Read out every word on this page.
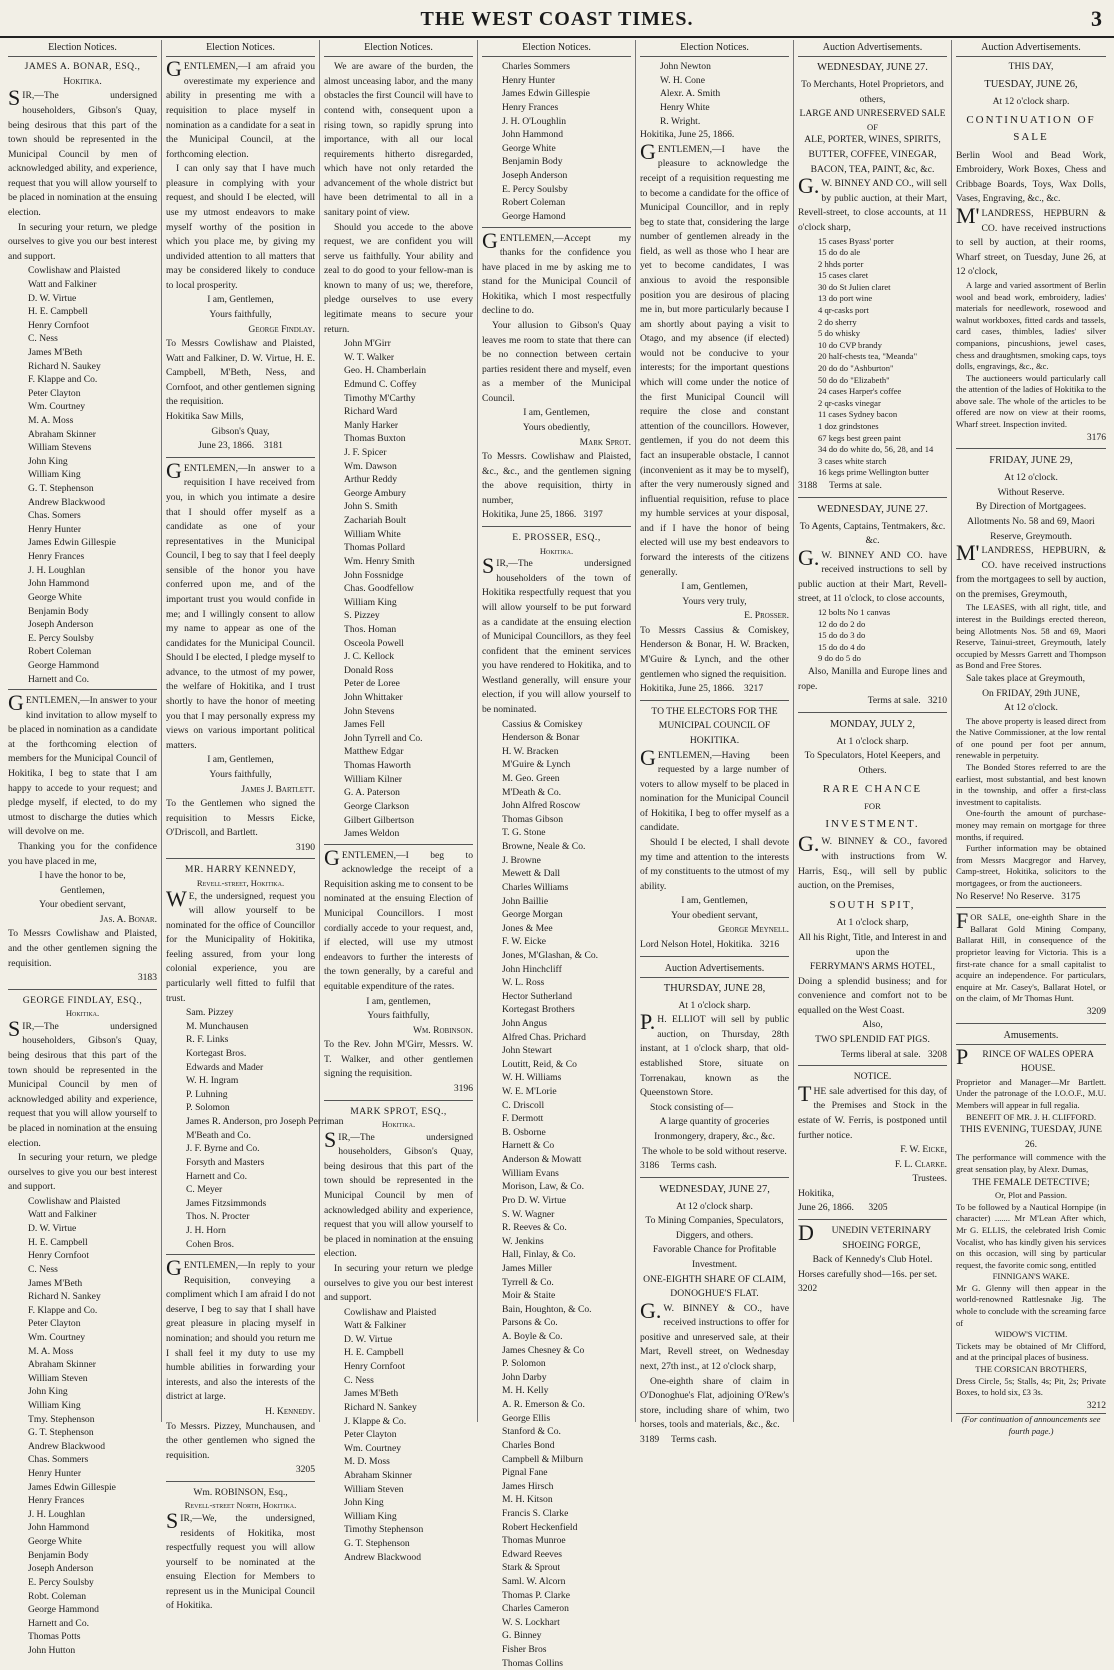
THE WEST COAST TIMES.	3
Election Notices.
JAMES A. BONAR, ESQ.,
Hokitika.

SIR,—The undersigned householders, Gibson's Quay, being desirous that this part of the town should be represented in the Municipal Council by men of acknowledged ability, and experience, request that you will allow yourself to be placed in nomination at the ensuing election.

In securing your return, we pledge ourselves to give you our best interest and support.

Cowlishaw and Plaisted
Watt and Falkiner
D. W. Virtue
H. E. Campbell
Henry Cornfoot
C. Ness
James M'Beth
Richard N. Saukey
F. Klappe and Co.
Peter Clayton
Wm. Courtney
M. A. Moss
Abraham Skinner
William Stevens
John King
William King
G. T. Stephenson
Andrew Blackwood
Chas. Somers
Henry Hunter
James Edwin Gillespie
Henry Frances
J. H. Loughlan
John Hammond
George White
Benjamin Body
Joseph Anderson
E. Percy Soulsby
Robert Coleman
George Hammond
Harnett and Co.

GENTLEMEN,—In answer to your kind invitation to allow myself to be placed in nomination as a candidate at the forthcoming election of members for the Municipal Council of Hokitika, I beg to state that I am happy to accede to your request; and pledge myself, if elected, to do my utmost to discharge the duties which will devolve on me.

Thanking you for the confidence you have placed in me,

I have the honor to be,
Gentlemen,
Your obedient servant,
Jas. A. Bonar.

To Messrs Cowlishaw and Plaisted, and the other gentlemen signing the requisition.

3183
GEORGE FINDLAY, ESQ.,
Hokitika.

SIR,—The undersigned householders, Gibson's Quay, being desirous that this part of the town should be represented in the Municipal Council by men of acknowledged ability and experience, request that you will allow yourself to be placed in nomination at the ensuing election.

In securing your return, we pledge ourselves to give you our best interest and support.

Cowlishaw and Plaisted
Watt and Falkiner
D. W. Virtue
H. E. Campbell
Henry Cornfoot
C. Ness
James M'Beth
Richard N. Sankey
F. Klappe and Co.
Peter Clayton
Wm. Courtney
M. A. Moss
Abraham Skinner
William Steven
John King
William King
Tmy. Stephenson
G. T. Stephenson
Andrew Blackwood
Chas. Sommers
Henry Hunter
James Edwin Gillespie
Henry Frances
J. H. Loughlan
John Hammond
George White
Benjamin Body
Joseph Anderson
E. Percy Soulsby
Robt. Coleman
George Hammond
Harnett and Co.
Thomas Potts
John Hutton
Election Notices.

GENTLEMEN,—I am afraid you overestimate my experience and ability in presenting me with a requisition to place myself in nomination as a candidate for a seat in the Municipal Council, at the forthcoming election.

I can only say that I have much pleasure in complying with your request, and should I be elected, will use my utmost endeavors to make myself worthy of the position in which you place me, by giving my undivided attention to all matters that may be considered likely to conduce to local prosperity.

I am, Gentlemen,
Yours faithfully,
George Findlay.

To Messrs Cowlishaw and Plaisted, Watt and Falkiner, D. W. Virtue, H. E. Campbell, M'Beth, Ness, and Cornfoot, and other gentlemen signing the requisition.

Hokitika Saw Mills,
Gibson's Quay,
June 23, 1866. 3181

GENTLEMEN,—In answer to a requisition I have received from you, in which you intimate a desire that I should offer myself as a candidate as one of your representatives in the Municipal Council, I beg to say that I feel deeply sensible of the honor you have conferred upon me, and of the important trust you would confide in me; and I willingly consent to allow my name to appear as one of the candidates for the Municipal Council. Should I be elected, I pledge myself to advance, to the utmost of my power, the welfare of Hokitika, and I trust shortly to have the honor of meeting you that I may personally express my views on various important political matters.

I am, Gentlemen,
Yours faithfully,
James J. Bartlett.

To the Gentlemen who signed the requisition to Messrs Eicke, O'Driscoll, and Bartlett.

3190
MR. HARRY KENNEDY,
Revell-street, Hokitika.

WE, the undersigned, request you will allow yourself to be nominated for the office of Councillor for the Municipality of Hokitika, feeling assured, from your long colonial experience, you are particularly well fitted to fulfil that trust.

Sam. Pizzey
M. Munchausen
R. F. Links
Kortegast Bros.
Edwards and Mader
W. H. Ingram
P. Luhning
P. Solomon
James R. Anderson, pro Joseph Perriman
M'Beath and Co.
J. F. Byrne and Co.
Forsyth and Masters
Harnett and Co.
C. Meyer
James Fitzsimmonds
Thos. N. Procter
J. H. Horn
Cohen Bros.

GENTLEMEN,—In reply to your Requisition, conveying a compliment which I am afraid I do not deserve, I beg to say that I shall have great pleasure in placing myself in nomination; and should you return me I shall feel it my duty to use my humble abilities in forwarding your interests, and also the interests of the district at large.

H. Kennedy.

To Messrs. Pizzey, Munchausen, and the other gentlemen who signed the requisition.

3205
Wm. ROBINSON, Esq.,
Revell-street North, Hokitika.

SIR,—We, the undersigned, residents of Hokitika, most respectfully request you will allow yourself to be nominated at the ensuing Election for Members to represent us in the Municipal Council of Hokitika.

Election Notices.

We are aware of the burden, the almost unceasing labor, and the many obstacles the first Council will have to contend with, consequent upon a rising town, so rapidly sprung into importance, with all our local requirements hitherto disregarded, which have not only retarded the advancement of the whole district but have been detrimental to all in a sanitary point of view.

Should you accede to the above request, we are confident you will serve us faithfully. Your ability and zeal to do good to your fellow-man is known to many of us; we, therefore, pledge ourselves to use every legitimate means to secure your return.

John M'Girr
W. T. Walker
Geo. H. Chamberlain
Edmund C. Coffey
Timothy M'Carthy
Richard Ward
Manly Harker
Thomas Buxton
J. F. Spicer
Wm. Dawson
Arthur Reddy
George Ambury
John S. Smith
Zachariah Boult
William White
Thomas Pollard
Wm. Henry Smith
John Fossnidge
Chas. Goodfellow
William King
S. Pizzey
Thos. Homan
Osceola Powell
J. C. Kellock
Donald Ross
Peter de Loree
John Whittaker
John Stevens
James Fell
John Tyrrell and Co.
Matthew Edgar
Thomas Haworth
William Kilner
G. A. Paterson
George Clarkson
Gilbert Gilbertson
James Weldon

GENTLEMEN,—I beg to acknowledge the receipt of a Requisition asking me to consent to be nominated at the ensuing Election of Municipal Councillors. I most cordially accede to your request, and, if elected, will use my utmost endeavors to further the interests of the town generally, by a careful and equitable expenditure of the rates.

I am, gentlemen,
Yours faithfully,
Wm. Robinson.

To the Rev. John M'Girr, Messrs. W. T. Walker, and other gentlemen signing the requisition.

3196
MARK SPROT, ESQ.,
Hokitika.

SIR,—The undersigned householders, Gibson's Quay, being desirous that this part of the town should be represented in the Municipal Council by men of acknowledged ability and experience, request that you will allow yourself to be placed in nomination at the ensuing election.

In securing your return we pledge ourselves to give you our best interest and support.

Cowlishaw and Plaisted
Watt & Falkiner
D. W. Virtue
H. E. Campbell
Henry Cornfoot
C. Ness
James M'Beth
Richard N. Sankey
J. Klappe & Co.
Peter Clayton
Wm. Courtney
M. D. Moss
Abraham Skinner
William Steven
John King
William King
Timothy Stephenson
G. T. Stephenson
Andrew Blackwood
Election Notices.
Charles Sommers
Henry Hunter
James Edwin Gillespie
Henry Frances
J. H. O'Loughlin
John Hammond
George White
Benjamin Body
Joseph Anderson
E. Percy Soulsby
Robert Coleman
George Hamond

GENTLEMEN,—Accept my thanks for the confidence you have placed in me by asking me to stand for the Municipal Council of Hokitika, which I most respectfully decline to do.

Your allusion to Gibson's Quay leaves me room to state that there can be no connection between certain parties resident there and myself, even as a member of the Municipal Council.

I am, Gentlemen,
Yours obediently,
Mark Sprot.

To Messrs. Cowlishaw and Plaisted, &c., &c., and the gentlemen signing the above requisition, thirty in number,

Hokitika, June 25, 1866. 3197
E. PROSSER, ESQ.,
Hokitika.

SIR,—The undersigned householders of the town of Hokitika respectfully request that you will allow yourself to be put forward as a candidate at the ensuing election of Municipal Councillors, as they feel confident that the eminent services you have rendered to Hokitika, and to Westland generally, will ensure your election, if you will allow yourself to be nominated.

Cassius & Comiskey
Henderson & Bonar
H. W. Bracken
M'Guire & Lynch
M. Geo. Green
M'Death & Co.
John Alfred Roscow
Thomas Gibson
T. G. Stone
Browne, Neale & Co.
J. Browne
Mewett & Dall
Charles Williams
John Baillie
George Morgan
Jones & Mee
F. W. Eicke
Jones, M'Glashan, & Co.
John Hinchcliff
W. L. Ross
Hector Sutherland
Kortegast Brothers
John Angus
Alfred Chas. Prichard
John Stewart
Loutitt, Reid, & Co
W. H. Williams
W. E. M'Lorie
C. Driscoll
F. Dermott
B. Osborne
Harnett & Co
Anderson & Mowatt
William Evans
Morison, Law, & Co.
Pro D. W. Virtue
S. W. Wagner
R. Reeves & Co.
W. Jenkins
Hall, Finlay, & Co.
James Miller
Tyrrell & Co.
Moir & Staite
Bain, Houghton, & Co.
Parsons & Co.
A. Boyle & Co.
James Chesney & Co
P. Solomon
John Darby
M. H. Kelly
A. R. Emerson & Co.
George Ellis
Stanford & Co.
Charles Bond
Campbell & Milburn
Pignal Fane
James Hirsch
M. H. Kitson
Francis S. Clarke
Robert Heckenfield
Thomas Munroe
Edward Reeves
Stark & Sprout
Saml. W. Alcorn
Thomas P. Clarke
Charles Cameron
W. S. Lockhart
G. Binney
Fisher Bros
Thomas Collins
Election Notices.
John Newton
W. H. Cone
Alexr. A. Smith
Henry White
R. Wright.
Hokitika, June 25, 1866.

GENTLEMEN,—I have the pleasure to acknowledge the receipt of a requisition requesting me to become a candidate for the office of Municipal Councillor, and in reply beg to state that, considering the large number of gentlemen already in the field, as well as those who I hear are yet to become candidates, I was anxious to avoid the responsible position you are desirous of placing me in, but more particularly because I am shortly about paying a visit to Otago, and my absence (if elected) would not be conducive to your interests; for the important questions which will come under the notice of the first Municipal Council will require the close and constant attention of the councillors. However, gentlemen, if you do not deem this fact an insuperable obstacle, I cannot (inconvenient as it may be to myself), after the very numerously signed and influential requisition, refuse to place my humble services at your disposal, and if I have the honor of being elected will use my best endeavors to forward the interests of the citizens generally.

I am, Gentlemen,
Yours very truly,
E. Prosser.

To Messrs Cassius & Comiskey, Henderson & Bonar, H. W. Bracken, M'Guire & Lynch, and the other gentlemen who signed the requisition.

Hokitika, June 25, 1866. 3217
TO THE ELECTORS FOR THE MUNICIPAL COUNCIL OF HOKITIKA.

GENTLEMEN,—Having been requested by a large number of voters to allow myself to be placed in nomination for the Municipal Council of Hokitika, I beg to offer myself as a candidate.

Should I be elected, I shall devote my time and attention to the interests of my constituents to the utmost of my ability.

I am, Gentlemen,
Your obedient servant,
George Meynell.
Lord Nelson Hotel, Hokitika. 3216
Auction Advertisements.
THURSDAY, JUNE 28,
At 1 o'clock sharp.

P.H. ELLIOT will sell by public auction, on Thursday, 28th instant, at 1 o'clock sharp, that old-established Store, situate on Torrenakau, known as the Queenstown Store.

Stock consisting of—

A large quantity of groceries Ironmongery, drapery, &c., &c.

The whole to be sold without reserve.
3186 Terms cash.
WEDNESDAY, JUNE 27,
At 12 o'clock sharp.

To Mining Companies, Speculators, Diggers, and others.

Favorable Chance for Profitable Investment.

ONE-EIGHTH SHARE OF CLAIM, DONOGHUE'S FLAT.

G.W. BINNEY & CO., have received instructions to offer for positive and unreserved sale, at their Mart, Revell street, on Wednesday next, 27th inst., at 12 o'clock sharp,

One-eighth share of claim in O'Donoghue's Flat, adjoining O'Rew's store, including share of whim, two horses, tools and materials, &c., &c.

3189 Terms cash.
Auction Advertisements.
WEDNESDAY, JUNE 27.

To Merchants, Hotel Proprietors, and others,

LARGE AND UNRESERVED SALE
OF

ALE, PORTER, WINES, SPIRITS, BUTTER, COFFEE, VINEGAR, BACON, TEA, PAINT, &c, &c.

G.W. BINNEY AND CO., will sell by public auction, at their Mart, Revell-street, to close accounts, at 11 o'clock sharp,

15 cases Byass' porter
15 do do ale
2 hhds porter
15 cases claret
30 do St Julien claret
13 do port wine
4 qr-casks port
2 do sherry
5 do whisky
10 do CVP brandy
20 half-chests tea, "Meanda"
20 do do "Ashburton"
50 do do "Elizabeth"
24 cases Harper's coffee
2 qr-casks vinegar
11 cases Sydney bacon
1 doz grindstones
67 kegs best green paint
34 do do white do, 56, 28, and 14
3 cases white starch
16 kegs prime Wellington butter
3188 Terms at sale.
WEDNESDAY, JUNE 27.

To Agents, Captains, Tentmakers, &c. &c.

G.W. BINNEY AND CO. have received instructions to sell by public auction at their Mart, Revell-street, at 11 o'clock, to close accounts,

12 bolts No 1 canvas
12 do do 2 do
15 do do 3 do
15 do do 4 do
9 do do 5 do

Also, Manilla and Europe lines and rope.

Terms at sale. 3210
MONDAY, JULY 2,
At 1 o'clock sharp.

To Speculators, Hotel Keepers, and Others.

RARE CHANCE
FOR
INVESTMENT.

G.W. BINNEY & CO., favored with instructions from W. Harris, Esq., will sell by public auction, on the Premises,

SOUTH SPIT,
At 1 o'clock sharp,

All his Right, Title, and Interest in and upon the

FERRYMAN'S ARMS HOTEL,

Doing a splendid business; and for convenience and comfort not to be equalled on the West Coast.

Also,
TWO SPLENDID FAT PIGS.
Terms liberal at sale. 3208
NOTICE.

THE sale advertised for this day, of the Premises and Stock in the estate of W. Ferris, is postponed until further notice.

F. W. Eicke,
F. L. Clarke.
Trustees.
Hokitika,
June 26, 1866. 3205
DUNEDIN VETERINARY SHOEING FORGE,
Back of Kennedy's Club Hotel.

Horses carefully shod—16s. per set.

3202
Auction Advertisements.
THIS DAY,
TUESDAY, JUNE 26,
At 12 o'clock sharp.
CONTINUATION OF SALE

Berlin Wool and Bead Work, Embroidery, Work Boxes, Chess and Cribbage Boards, Toys, Wax Dolls, Vases, Engraving, &c., &c.

M'LANDRESS, HEPBURN & CO. have received instructions to sell by auction, at their rooms, Wharf street, on Tuesday, June 26, at 12 o'clock,

A large and varied assortment of Berlin wool and bead work, embroidery, ladies' materials for needlework, rosewood and walnut workboxes, fitted cards and tassels, card cases, thimbles, ladies' silver companions, pincushions, jewel cases, chess and draughtsmen, smoking caps, toys dolls, engravings, &c., &c.

The auctioneers would particularly call the attention of the ladies of Hokitika to the above sale. The whole of the articles to be offered are now on view at their rooms, Wharf street. Inspection invited.

3176
FRIDAY, JUNE 29,
At 12 o'clock.
Without Reserve.
By Direction of Mortgagees.

Allotments No. 58 and 69, Maori Reserve, Greymouth.

M'LANDRESS, HEPBURN, & CO. have received instructions from the mortgagees to sell by auction, on the premises, Greymouth,

The LEASES, with all right, title, and interest in the Buildings erected thereon, being Allotments Nos. 58 and 69, Maori Reserve, Tainui-street, Greymouth, lately occupied by Messrs Garrett and Thompson as Bond and Free Stores.

Sale takes place at Greymouth,
On FRIDAY, 29th JUNE,
At 12 o'clock.

The above property is leased direct from the Native Commissioner, at the low rental of one pound per foot per annum, renewable in perpetuity.

The Bonded Stores referred to are the earliest, most substantial, and best known in the township, and offer a first-class investment to capitalists.

One-fourth the amount of purchase-money may remain on mortgage for three months, if required.

Further information may be obtained from Messrs Macgregor and Harvey, Camp-street, Hokitika, solicitors to the mortgagees, or from the auctioneers.

No Reserve! No Reserve. 3175

FOR SALE, one-eighth Share in the Ballarat Gold Mining Company, Ballarat Hill, in consequence of the proprietor leaving for Victoria. This is a first-rate chance for a small capitalist to acquire an independence. For particulars, enquire at Mr. Casey's, Ballarat Hotel, or on the claim, of Mr Thomas Hunt.

3209
Amusements.
PRINCE OF WALES OPERA HOUSE.

Proprietor and Manager—Mr Bartlett. Under the patronage of the I.O.O.F., M.U. Members will appear in full regalia.

BENEFIT OF MR. J. H. CLIFFORD.
THIS EVENING, TUESDAY, JUNE 26.

The performance will commence with the great sensation play, by Alexr. Dumas,

THE FEMALE DETECTIVE;
Or, Plot and Passion.

To be followed by a Nautical Hornpipe (in character) ....... Mr M'Lean After which, Mr G. ELLIS, the celebrated Irish Comic Vocalist, who has kindly given his services on this occasion, will sing by particular request, the favorite comic song, entitled

FINNIGAN'S WAKE.

Mr G. Glenny will then appear in the world-renowned Rattlesnake Jig. The whole to conclude with the screaming farce of

WIDOW'S VICTIM.

Tickets may be obtained of Mr Clifford, and at the principal places of business.

THE CORSICAN BROTHERS,

Dress Circle, 5s; Stalls, 4s; Pit, 2s; Private Boxes, to hold six, £3 3s.

3212
(For continuation of announcements see fourth page.)
